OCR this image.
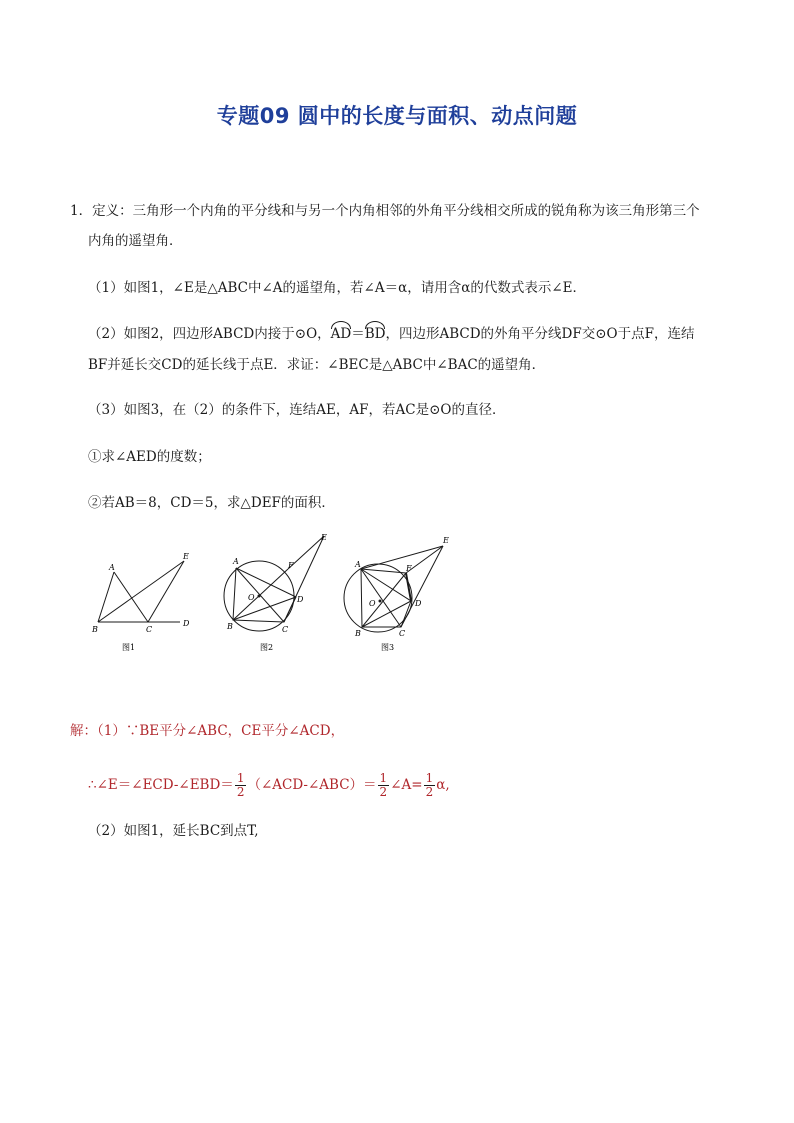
专题09 圆中的长度与面积、动点问题
1．定义：三角形一个内角的平分线和与另一个内角相邻的外角平分线相交所成的锐角称为该三角形第三个
内角的遥望角．
（1）如图1，∠E是△ABC中∠A的遥望角，若∠A＝α，请用含α的代数式表示∠E．
（2）如图2，四边形ABCD内接于⊙O，AD＝BD，四边形ABCD的外角平分线DF交⊙O于点F，连结
BF并延长交CD的延长线于点E．求证：∠BEC是△ABC中∠BAC的遥望角．
（3）如图3，在（2）的条件下，连结AE，AF，若AC是⊙O的直径．
①求∠AED的度数；
②若AB＝8，CD＝5，求△DEF的面积．
A
B	C
D
E
图1
A
B	C
D
E
F
O
图2
A
B	C
D
E
F
O
图3
解：（1）∵BE平分∠ABC，CE平分∠ACD，
∴∠E＝∠ECD-∠EBD＝ $\frac{1}{2}$ （∠ACD-∠ABC）＝ $\frac{1}{2}$ ∠A= $\frac{1}{2} \alpha$,
（2）如图1，延长BC到点T,
